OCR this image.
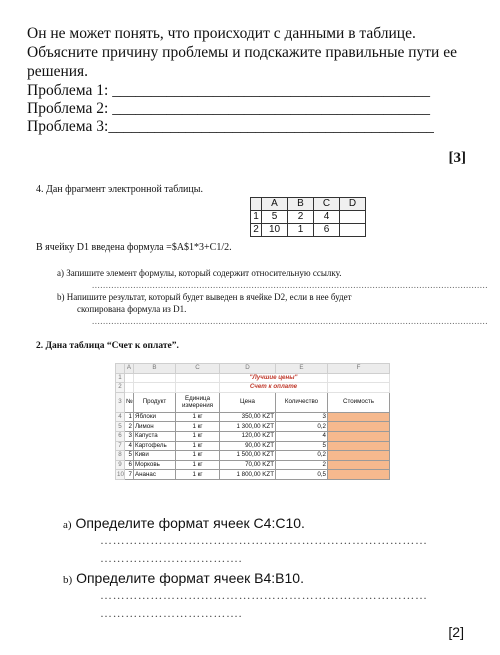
Он не может понять, что происходит с данными в таблице.
Объясните причину проблемы и подскажите правильные пути ее
решения.
Проблема 1: _________________________________________
Проблема 2: _________________________________________
Проблема 3:__________________________________________
[3]
4. Дан фрагмент электронной таблицы.
	A	B	C	D
1	5	2	4	
2	10	1	6	
В ячейку D1 введена формула =$A$1*3+C1/2.
а) Запишите элемент формулы, который содержит относительную ссылку.
................................................................................................................................................
b) Напишите результат, который будет выведен в ячейке D2, если в нее будет
скопирована формула из D1.
................................................................................................................................................
2. Дана таблица “Счет к оплате”.
	A	B	C	D	E	F
1				"Лучшие цены"		
2				Счет к оплате		
3	№	Продукт	Единица измерения	Цена	Количество	Стоимость
4	1	Яблоки	1 кг	350,00 KZT	3	
5	2	Лимон	1 кг	1 300,00 KZT	0,2	
6	3	Капуста	1 кг	120,00 KZT	4	
7	4	Картофель	1 кг	90,00 KZT	5	
8	5	Киви	1 кг	1 500,00 KZT	0,2	
9	6	Морковь	1 кг	70,00 KZT	2	
10	7	Ананас	1 кг	1 800,00 KZT	0,5	
a) Определите формат ячеек С4:С10.
……………………………………………………………………
…………………………….
b) Определите формат ячеек B4:B10.
……………………………………………………………………
…………………………….
[2]
